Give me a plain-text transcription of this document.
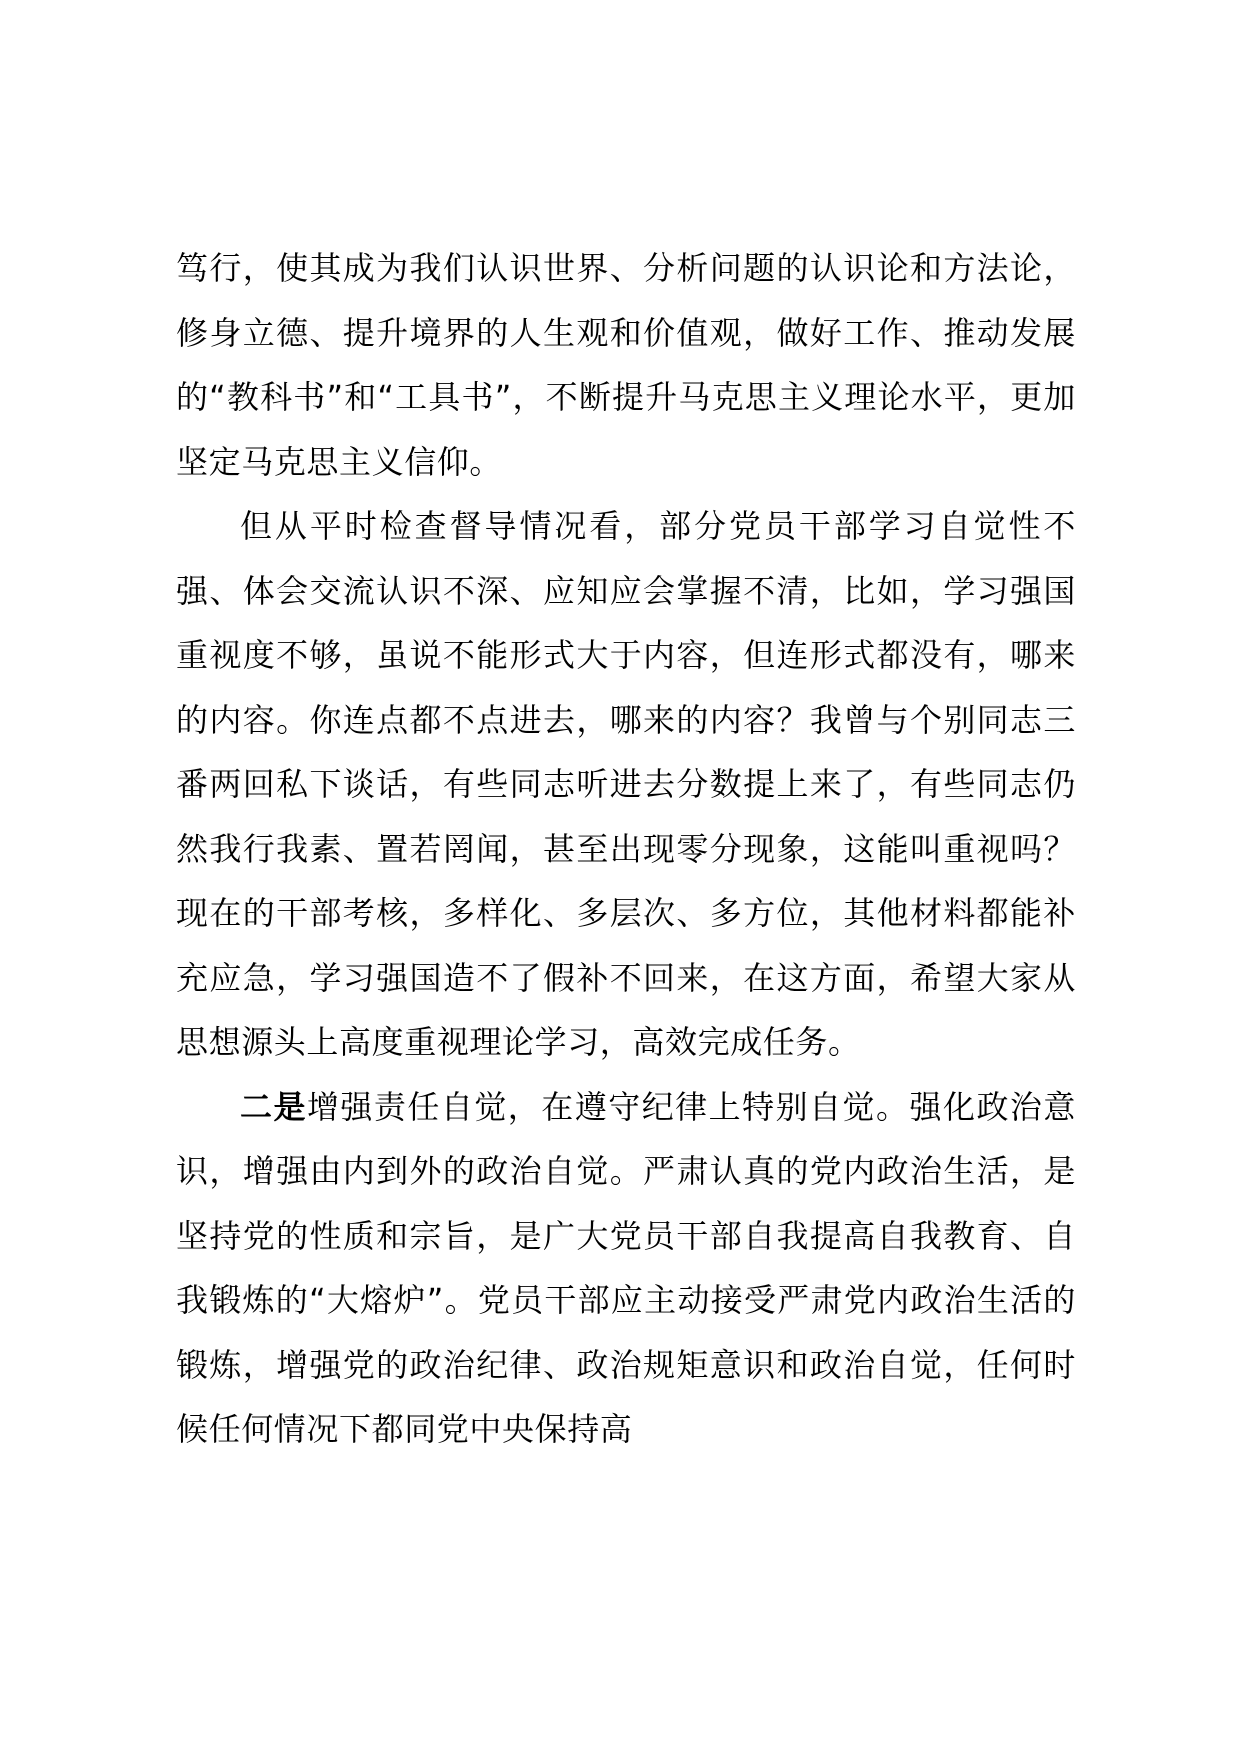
笃行，使其成为我们认识世界、分析问题的认识论和方法论，修身立德、提升境界的人生观和价值观，做好工作、推动发展的“教科书”和“工具书”，不断提升马克思主义理论水平，更加坚定马克思主义信仰。

但从平时检查督导情况看，部分党员干部学习自觉性不强、体会交流认识不深、应知应会掌握不清，比如，学习强国重视度不够，虽说不能形式大于内容，但连形式都没有，哪来的内容。你连点都不点进去，哪来的内容？我曾与个别同志三番两回私下谈话，有些同志听进去分数提上来了，有些同志仍然我行我素、置若罔闻，甚至出现零分现象，这能叫重视吗？现在的干部考核，多样化、多层次、多方位，其他材料都能补充应急，学习强国造不了假补不回来，在这方面，希望大家从思想源头上高度重视理论学习，高效完成任务。

二是增强责任自觉，在遵守纪律上特别自觉。强化政治意识，增强由内到外的政治自觉。严肃认真的党内政治生活，是坚持党的性质和宗旨，是广大党员干部自我提高自我教育、自我锻炼的“大熔炉”。党员干部应主动接受严肃党内政治生活的锻炼，增强党的政治纪律、政治规矩意识和政治自觉，任何时候任何情况下都同党中央保持高
